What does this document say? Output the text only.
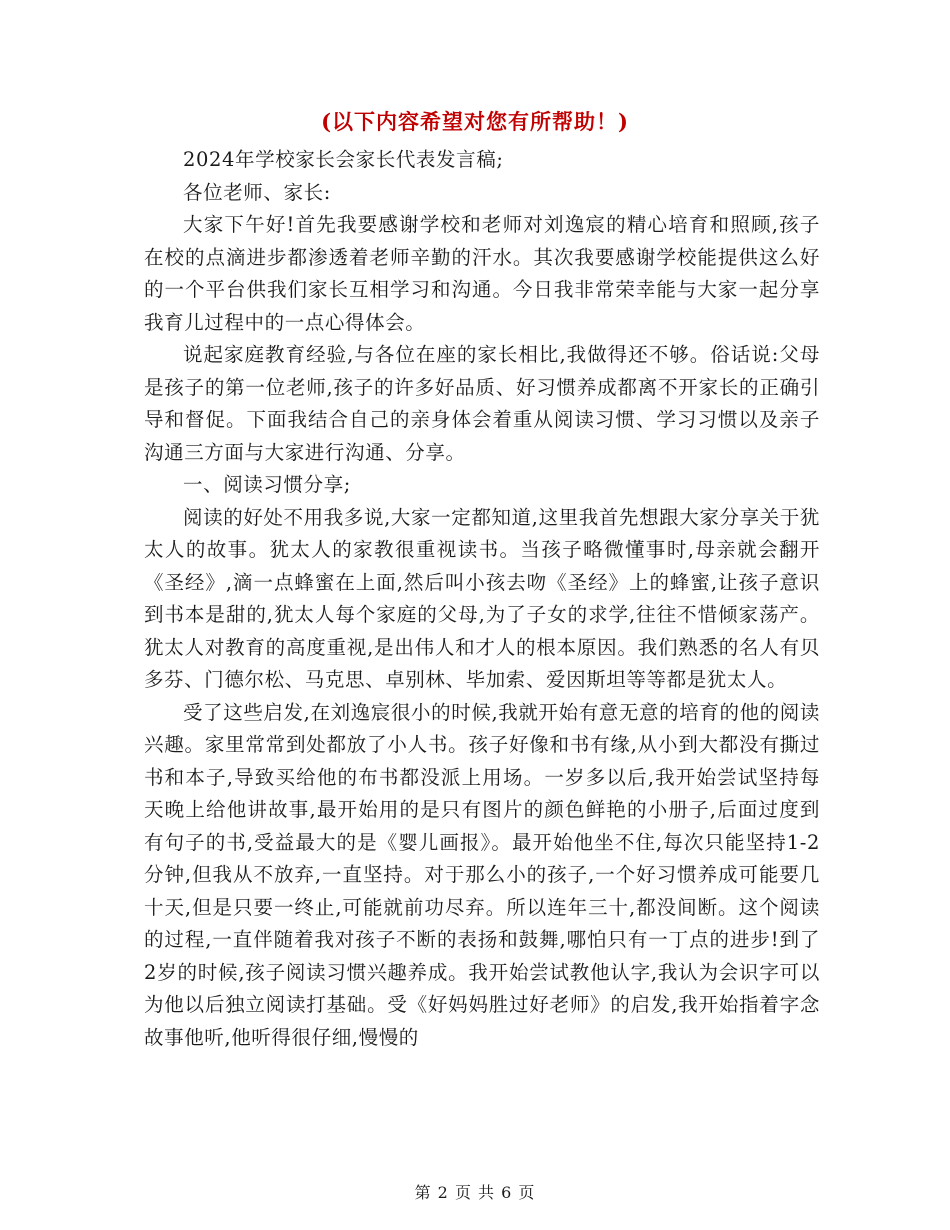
(以下内容希望对您有所帮助！)

2024年学校家长会家长代表发言稿;

各位老师、家长:

大家下午好!首先我要感谢学校和老师对刘逸宸的精心培育和照顾,孩子在校的点滴进步都渗透着老师辛勤的汗水。其次我要感谢学校能提供这么好的一个平台供我们家长互相学习和沟通。今日我非常荣幸能与大家一起分享我育儿过程中的一点心得体会。

说起家庭教育经验,与各位在座的家长相比,我做得还不够。俗话说:父母是孩子的第一位老师,孩子的许多好品质、好习惯养成都离不开家长的正确引导和督促。下面我结合自己的亲身体会着重从阅读习惯、学习习惯以及亲子沟通三方面与大家进行沟通、分享。

一、阅读习惯分享;

阅读的好处不用我多说,大家一定都知道,这里我首先想跟大家分享关于犹太人的故事。犹太人的家教很重视读书。当孩子略微懂事时,母亲就会翻开《圣经》,滴一点蜂蜜在上面,然后叫小孩去吻《圣经》上的蜂蜜,让孩子意识到书本是甜的,犹太人每个家庭的父母,为了子女的求学,往往不惜倾家荡产。犹太人对教育的高度重视,是出伟人和才人的根本原因。我们熟悉的名人有贝多芬、门德尔松、马克思、卓别林、毕加索、爱因斯坦等等都是犹太人。

受了这些启发,在刘逸宸很小的时候,我就开始有意无意的培育的他的阅读兴趣。家里常常到处都放了小人书。孩子好像和书有缘,从小到大都没有撕过书和本子,导致买给他的布书都没派上用场。一岁多以后,我开始尝试坚持每天晚上给他讲故事,最开始用的是只有图片的颜色鲜艳的小册子,后面过度到有句子的书,受益最大的是《婴儿画报》。最开始他坐不住,每次只能坚持1-2分钟,但我从不放弃,一直坚持。对于那么小的孩子,一个好习惯养成可能要几十天,但是只要一终止,可能就前功尽弃。所以连年三十,都没间断。这个阅读的过程,一直伴随着我对孩子不断的表扬和鼓舞,哪怕只有一丁点的进步!到了2岁的时候,孩子阅读习惯兴趣养成。我开始尝试教他认字,我认为会识字可以为他以后独立阅读打基础。受《好妈妈胜过好老师》的启发,我开始指着字念故事他听,他听得很仔细,慢慢的

第 2 页 共 6 页
